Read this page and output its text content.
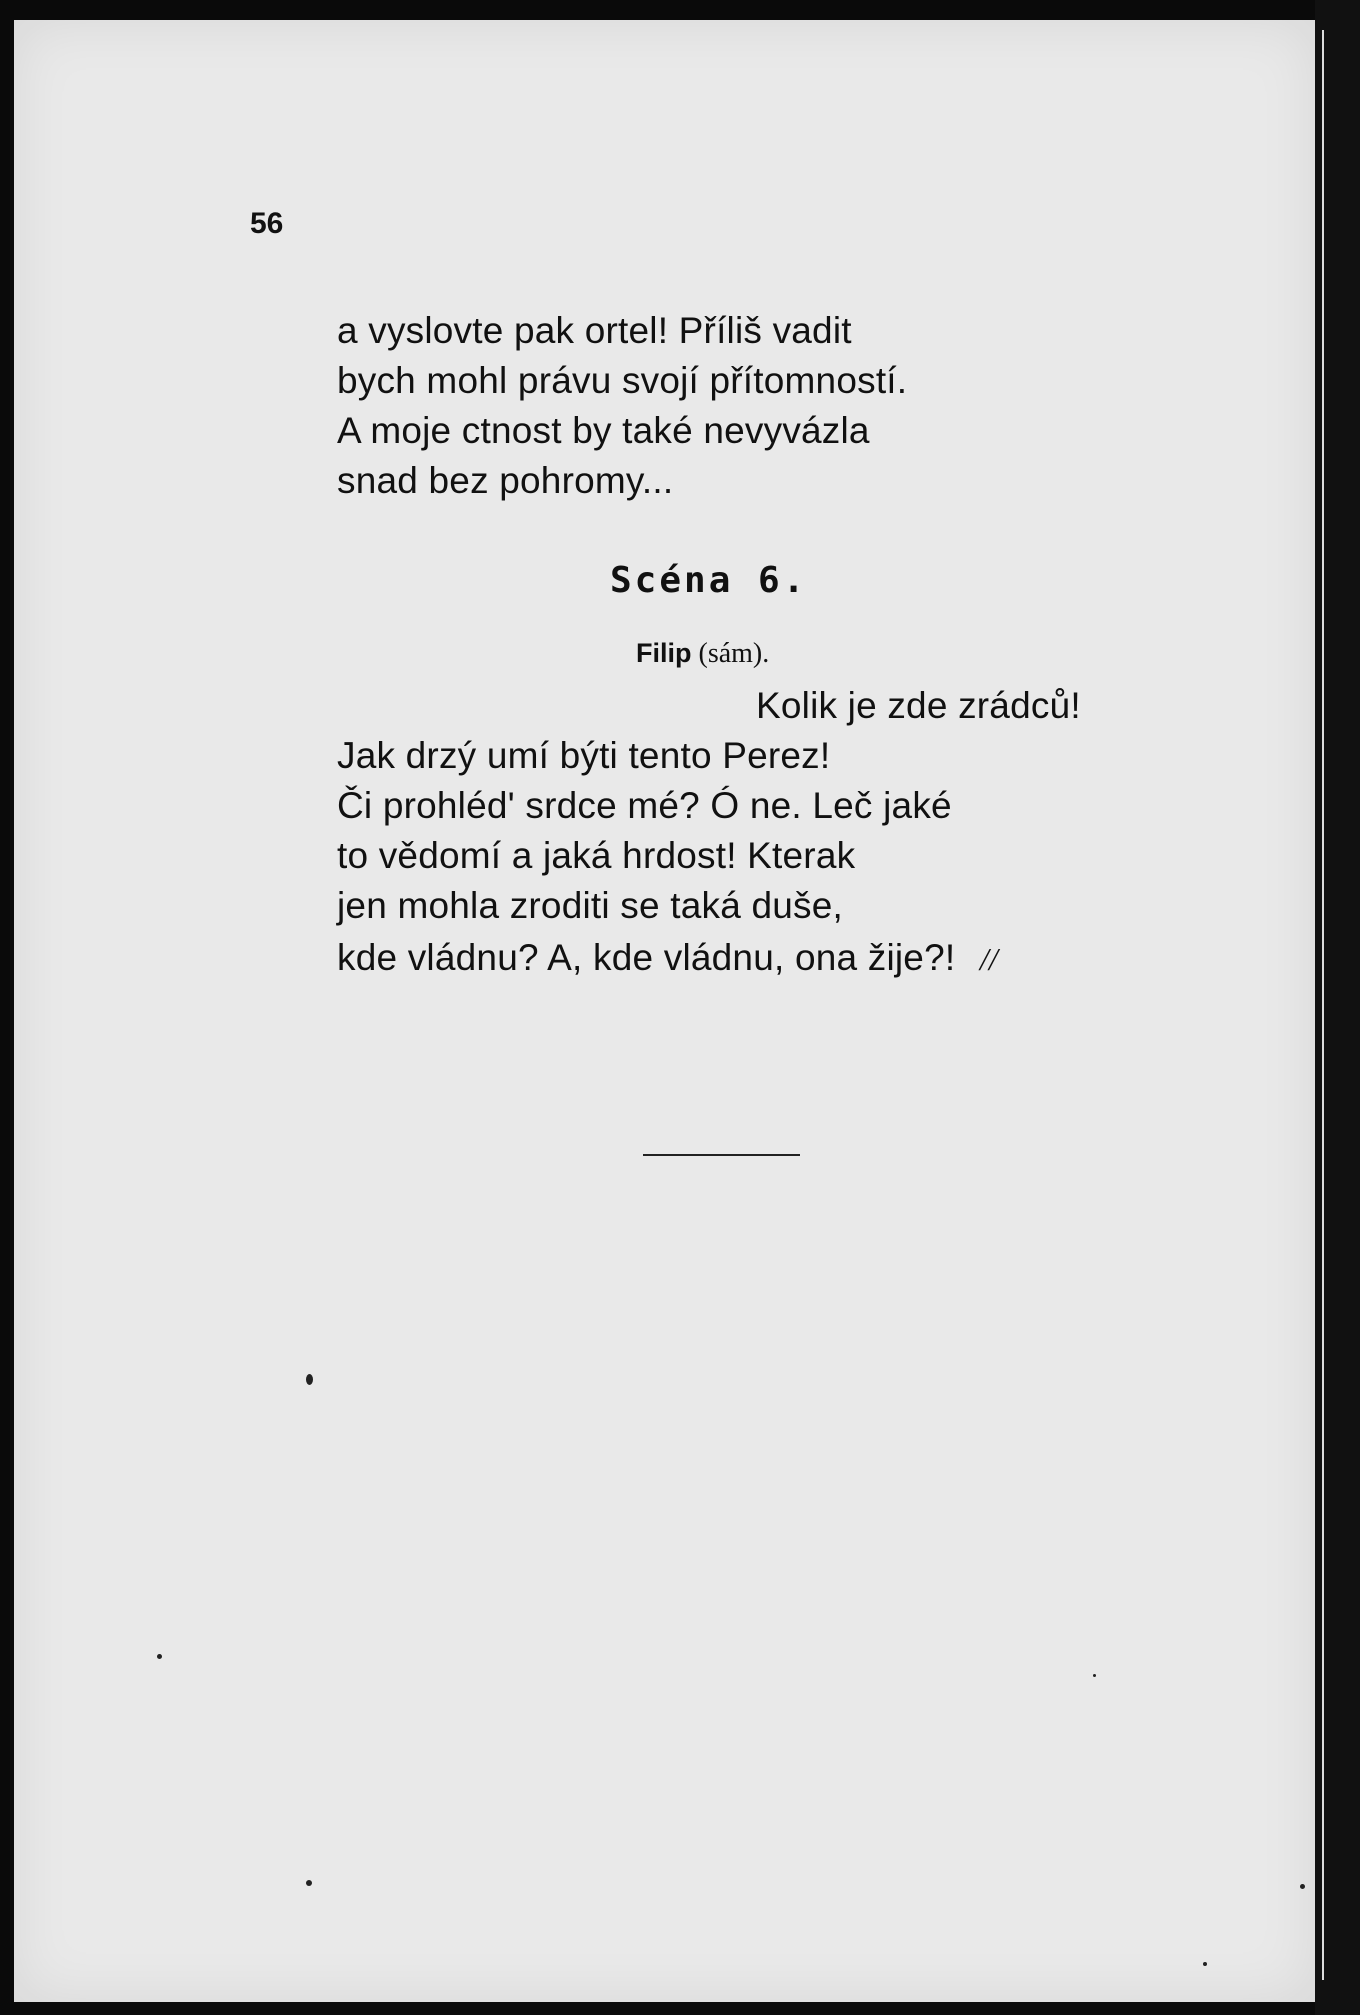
56
a vyslovte pak ortel! Příliš vadit
bych mohl právu svojí přítomností.
A moje ctnost by také nevyvázla
snad bez pohromy...
Scéna 6.
Filip (sám).
Kolik je zde zrádců!
Jak drzý umí býti tento Perez!
Či prohléd' srdce mé? Ó ne. Leč jaké
to vědomí a jaká hrdost! Kterak
jen mohla zroditi se taká duše,
kde vládnu? A, kde vládnu, ona žije?! //
